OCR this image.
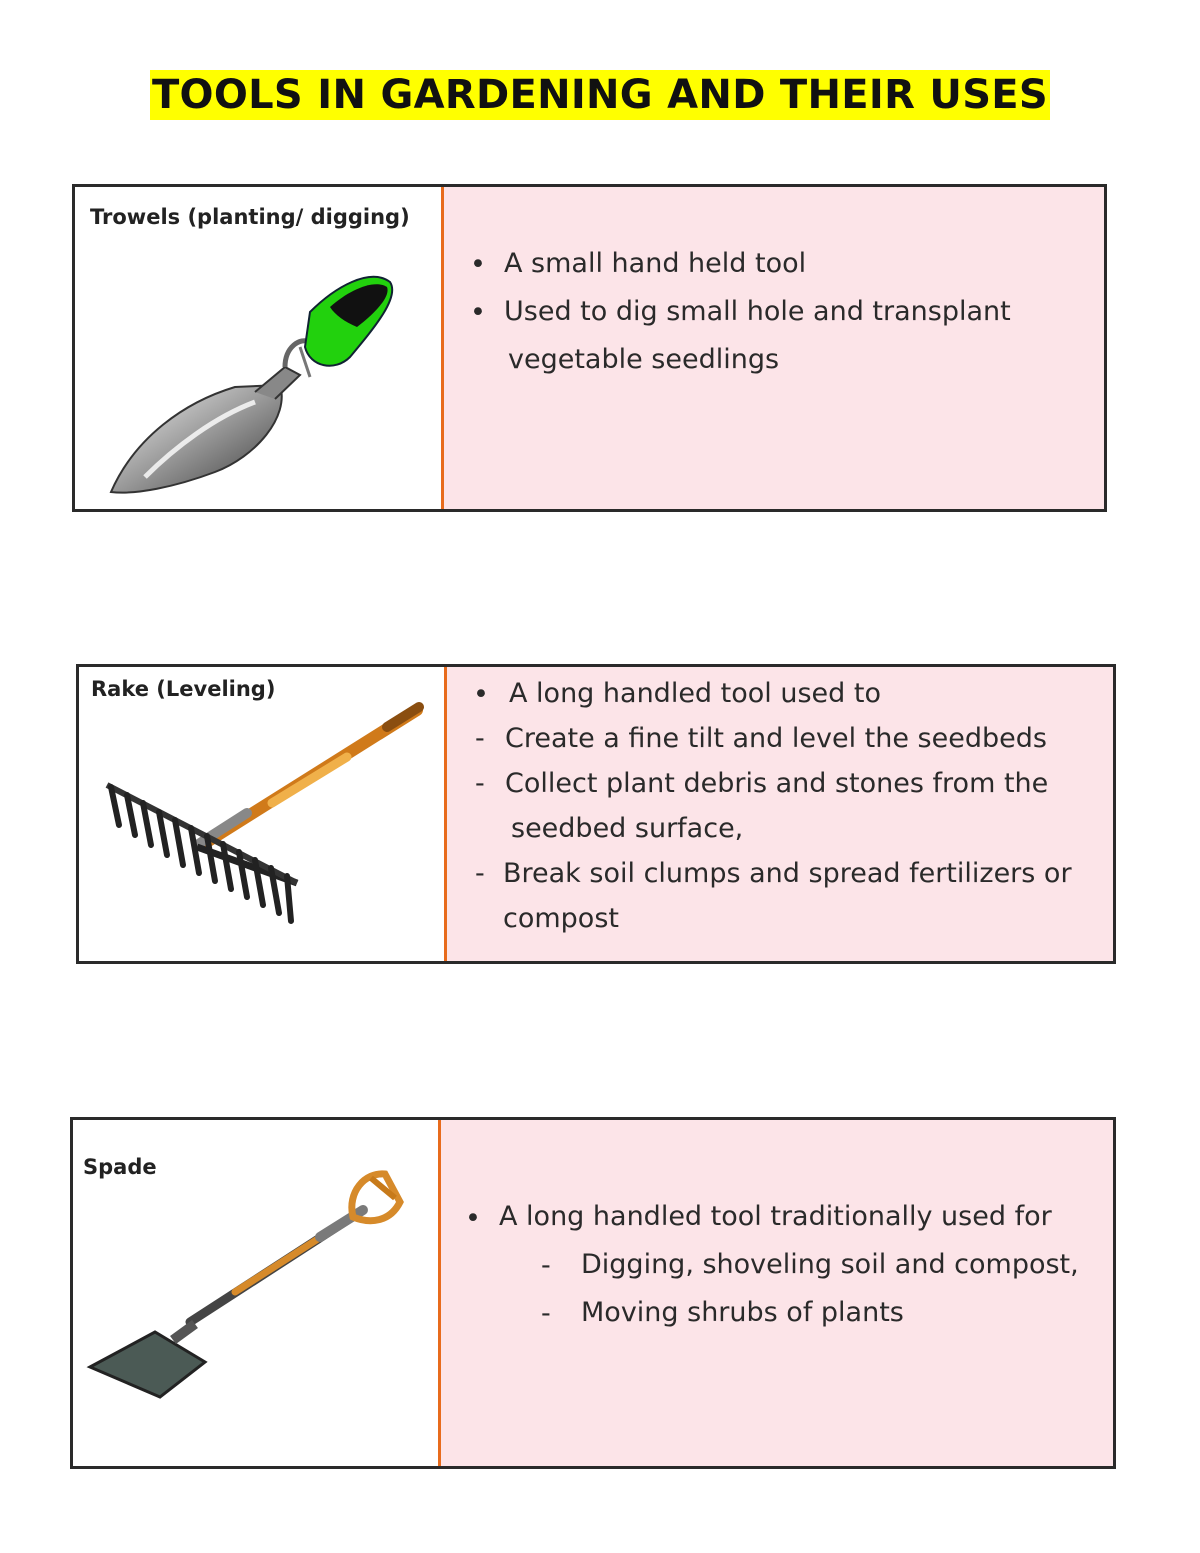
TOOLS IN GARDENING AND THEIR USES
Trowels (planting/ digging)
• A small hand held tool
• Used to dig small hole and transplant
vegetable seedlings
Rake (Leveling)	• A long handled tool used to
- Create a fine tilt and level the seedbeds
- Collect plant debris and stones from the
seedbed surface,
- Break soil clumps and spread fertilizers or
compost
Spade
• A long handled tool traditionally used for
- Digging, shoveling soil and compost,
- Moving shrubs of plants
